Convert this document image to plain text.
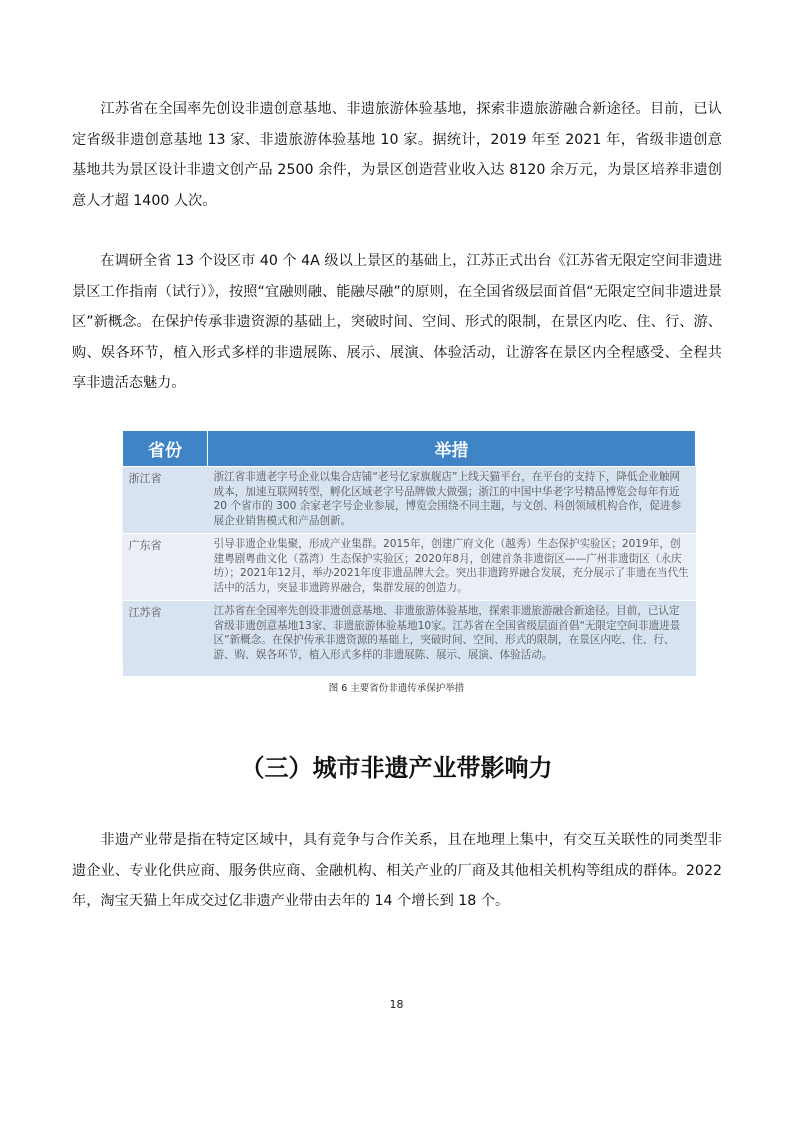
江苏省在全国率先创设非遗创意基地、非遗旅游体验基地，探索非遗旅游融合新途径。目前，已认定省级非遗创意基地 13 家、非遗旅游体验基地 10 家。据统计，2019 年至 2021 年，省级非遗创意基地共为景区设计非遗文创产品 2500 余件，为景区创造营业收入达 8120 余万元，为景区培养非遗创意人才超 1400 人次。

在调研全省 13 个设区市 40 个 4A 级以上景区的基础上，江苏正式出台《江苏省无限定空间非遗进景区工作指南（试行）》，按照“宜融则融、能融尽融”的原则，在全国省级层面首倡“无限定空间非遗进景区”新概念。在保护传承非遗资源的基础上，突破时间、空间、形式的限制，在景区内吃、住、行、游、购、娱各环节，植入形式多样的非遗展陈、展示、展演、体验活动，让游客在景区内全程感受、全程共享非遗活态魅力。

省份	举措
浙江省	浙江省非遗老字号企业以集合店铺“老号亿家旗舰店”上线天猫平台，在平台的支持下，降低企业触网成本，加速互联网转型，孵化区域老字号品牌做大做强；浙江的中国中华老字号精品博览会每年有近 20 个省市的 300 余家老字号企业参展，博览会围绕不同主题，与文创、科创领域机构合作，促进参展企业销售模式和产品创新。
广东省	引导非遗企业集聚，形成产业集群。2015年，创建广府文化（越秀）生态保护实验区；2019年，创建粤剧粤曲文化（荔湾）生态保护实验区；2020年8月，创建首条非遗街区——广州非遗街区（永庆坊）；2021年12月，举办2021年度非遗品牌大会。突出非遗跨界融合发展，充分展示了非遗在当代生活中的活力，突显非遗跨界融合，集群发展的创造力。
江苏省	江苏省在全国率先创设非遗创意基地、非遗旅游体验基地，探索非遗旅游融合新途径。目前，已认定省级非遗创意基地13家、非遗旅游体验基地10家。江苏省在全国省级层面首倡“无限定空间非遗进景区”新概念。在保护传承非遗资源的基础上，突破时间、空间、形式的限制，在景区内吃、住、行、游、购、娱各环节，植入形式多样的非遗展陈、展示、展演、体验活动。
图 6 主要省份非遗传承保护举措
（三）城市非遗产业带影响力

非遗产业带是指在特定区域中，具有竞争与合作关系，且在地理上集中，有交互关联性的同类型非遗企业、专业化供应商、服务供应商、金融机构、相关产业的厂商及其他相关机构等组成的群体。2022 年，淘宝天猫上年成交过亿非遗产业带由去年的 14 个增长到 18 个。

18
